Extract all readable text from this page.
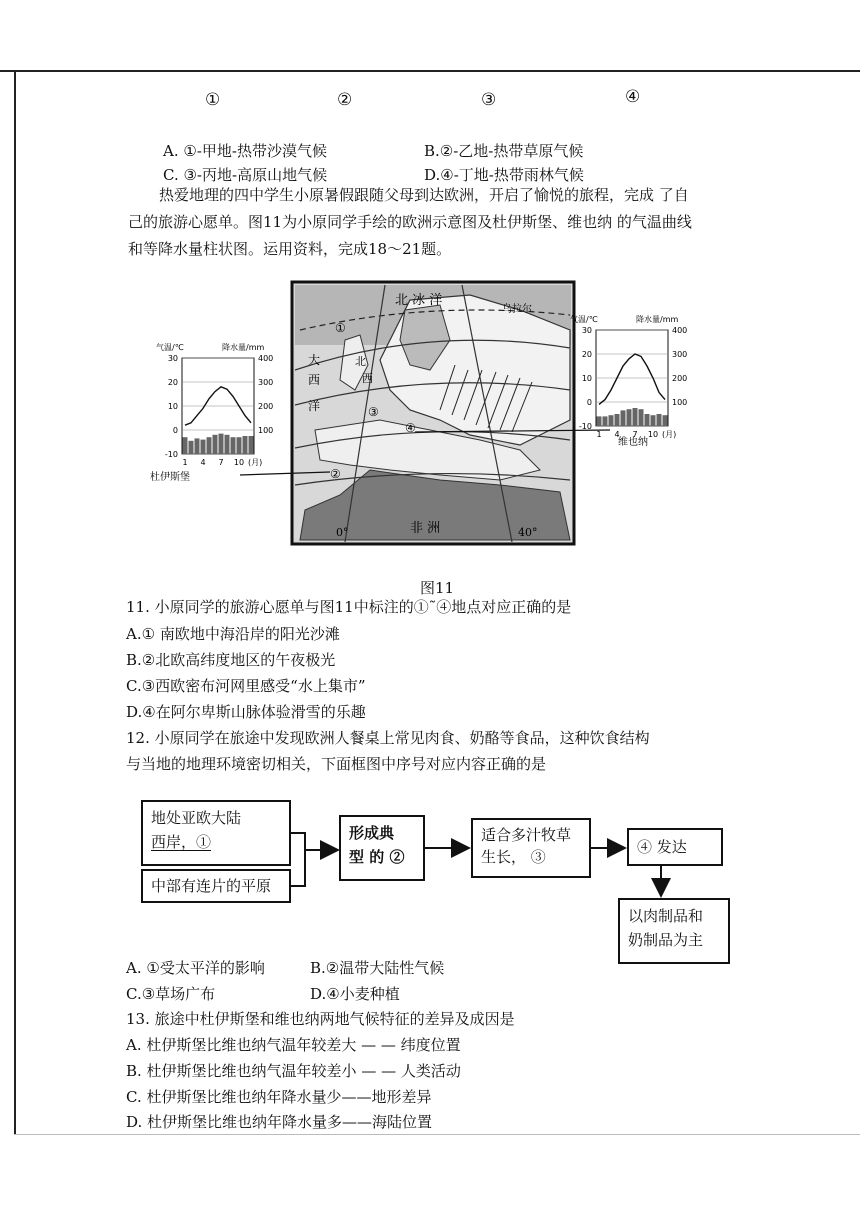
①	②	③	④
A. ①-甲地-热带沙漠气候	B.②-乙地-热带草原气候
C. ③-丙地-高原山地气候	D.④-丁地-热带雨林气候
热爱地理的四中学生小原暑假跟随父母到达欧洲，开启了愉悦的旅程，完成 了自
己的旅游心愿单。图11为小原同学手绘的欧洲示意图及杜伊斯堡、维也纳 的气温曲线
和等降水量柱状图。运用资料，完成18～21题。
北 冰 洋
大
西
洋
非 洲
乌拉尔
0°	40°
①
②
③
④
北
西
气温/℃	降水量/mm
30
20
10
0
-10
400
300
200
100
1 4 7 10 (月)
杜伊斯堡
气温/℃	降水量/mm
30
20
10
0
-10
400
300
200
100
1 4 7 10 (月)
维也纳
图11
11. 小原同学的旅游心愿单与图11中标注的①˜④地点对应正确的是
A.① 南欧地中海沿岸的阳光沙滩
B.②北欧高纬度地区的午夜极光
C.③西欧密布河网里感受“水上集市”
D.④在阿尔卑斯山脉体验滑雪的乐趣
12. 小原同学在旅途中发现欧洲人餐桌上常见肉食、奶酪等食品，这种饮食结构
与当地的地理环境密切相关，下面框图中序号对应内容正确的是
地处亚欧大陆
西岸，①
中部有连片的平原
形成典
型 的 ②
适合多汁牧草
生长， ③
④ 发达
以肉制品和
奶制品为主
A. ①受太平洋的影响	B.②温带大陆性气候
C.③草场广布	D.④小麦种植
13. 旅途中杜伊斯堡和维也纳两地气候特征的差异及成因是
A. 杜伊斯堡比维也纳气温年较差大 — — 纬度位置
B. 杜伊斯堡比维也纳气温年较差小 — — 人类活动
C. 杜伊斯堡比维也纳年降水量少——地形差异
D. 杜伊斯堡比维也纳年降水量多——海陆位置
